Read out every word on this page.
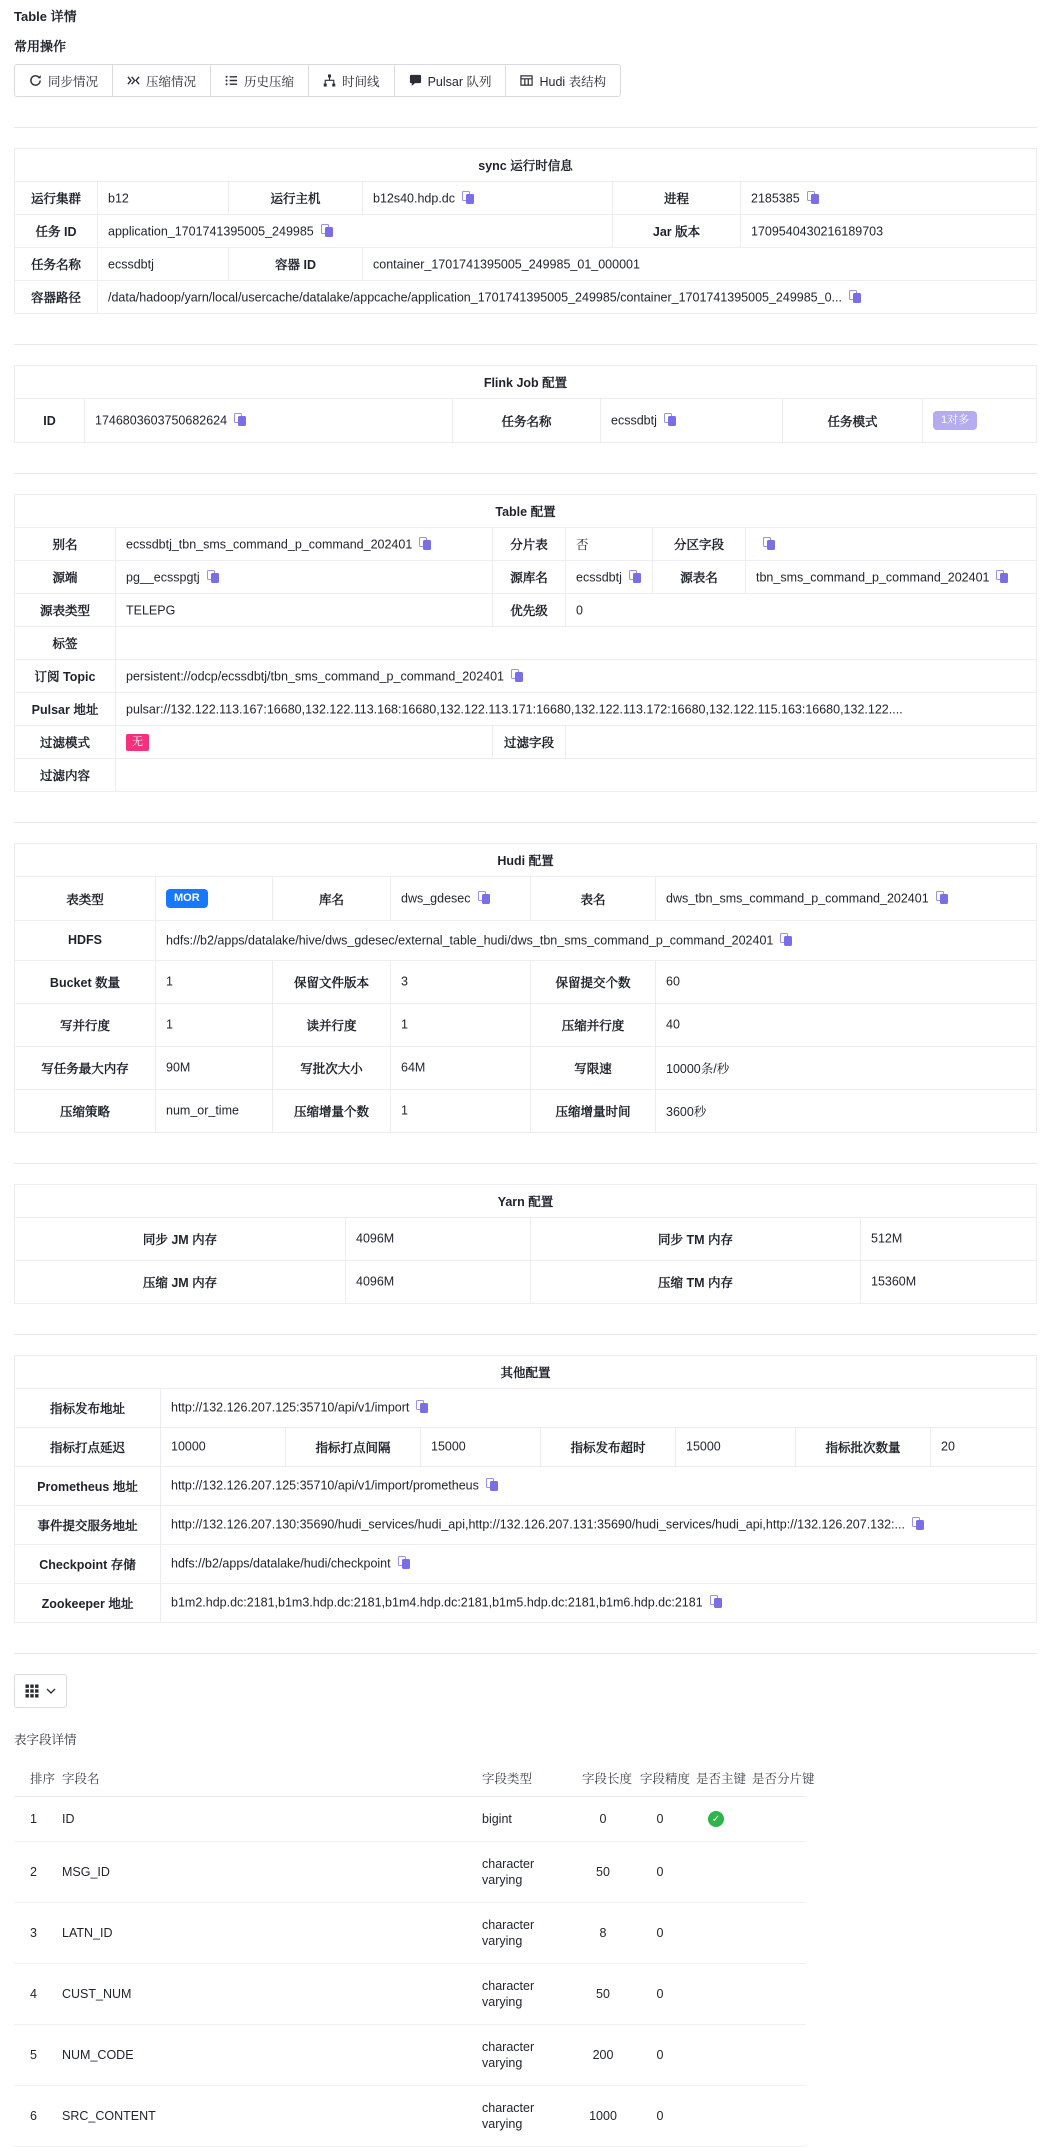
Table 详情
常用操作
同步情况	压缩情况	历史压缩	时间线	Pulsar 队列	Hudi 表结构
sync 运行时信息					
运行集群	b12	运行主机	b12s40.hdp.dc	进程	2185385
任务 ID	application_1701741395005_249985			Jar 版本	1709540430216189703
任务名称	ecssdbtj	容器 ID	container_1701741395005_249985_01_000001		
容器路径	/data/hadoop/yarn/local/usercache/datalake/appcache/application_1701741395005_249985/container_1701741395005_249985_0...				
Flink Job 配置
ID	1746803603750682624	任务名称	ecssdbtj	任务模式	1对多
Table 配置					
别名	ecssdbtj_tbn_sms_command_p_command_202401	分片表	否	分区字段	
源端	pg__ecsspgtj	源库名	ecssdbtj	源表名	tbn_sms_command_p_command_202401
源表类型	TELEPG	优先级	0		
标签					
订阅 Topic	persistent://odcp/ecssdbtj/tbn_sms_command_p_command_202401				
Pulsar 地址	pulsar://132.122.113.167:16680,132.122.113.168:16680,132.122.113.171:16680,132.122.113.172:16680,132.122.115.163:16680,132.122....				
过滤模式	无	过滤字段			
过滤内容					
Hudi 配置					
表类型	MOR	库名	dws_gdesec	表名	dws_tbn_sms_command_p_command_202401
HDFS	hdfs://b2/apps/datalake/hive/dws_gdesec/external_table_hudi/dws_tbn_sms_command_p_command_202401				
Bucket 数量	1	保留文件版本	3	保留提交个数	60
写并行度	1	读并行度	1	压缩并行度	40
写任务最大内存	90M	写批次大小	64M	写限速	10000条/秒
压缩策略	num_or_time	压缩增量个数	1	压缩增量时间	3600秒
Yarn 配置			
同步 JM 内存	4096M	同步 TM 内存	512M
压缩 JM 内存	4096M	压缩 TM 内存	15360M
其他配置							
指标发布地址	http://132.126.207.125:35710/api/v1/import						
指标打点延迟	10000	指标打点间隔	15000	指标发布超时	15000	指标批次数量	20
Prometheus 地址	http://132.126.207.125:35710/api/v1/import/prometheus						
事件提交服务地址	http://132.126.207.130:35690/hudi_services/hudi_api,http://132.126.207.131:35690/hudi_services/hudi_api,http://132.126.207.132:...						
Checkpoint 存储	hdfs://b2/apps/datalake/hudi/checkpoint						
Zookeeper 地址	b1m2.hdp.dc:2181,b1m3.hdp.dc:2181,b1m4.hdp.dc:2181,b1m5.hdp.dc:2181,b1m6.hdp.dc:2181						
表字段详情
排序	字段名	字段类型	字段长度	字段精度	是否主键	是否分片键
1	ID	bigint	0	0	✓	
2	MSG_ID	character varying	50	0		
3	LATN_ID	character varying	8	0		
4	CUST_NUM	character varying	50	0		
5	NUM_CODE	character varying	200	0		
6	SRC_CONTENT	character varying	1000	0		
